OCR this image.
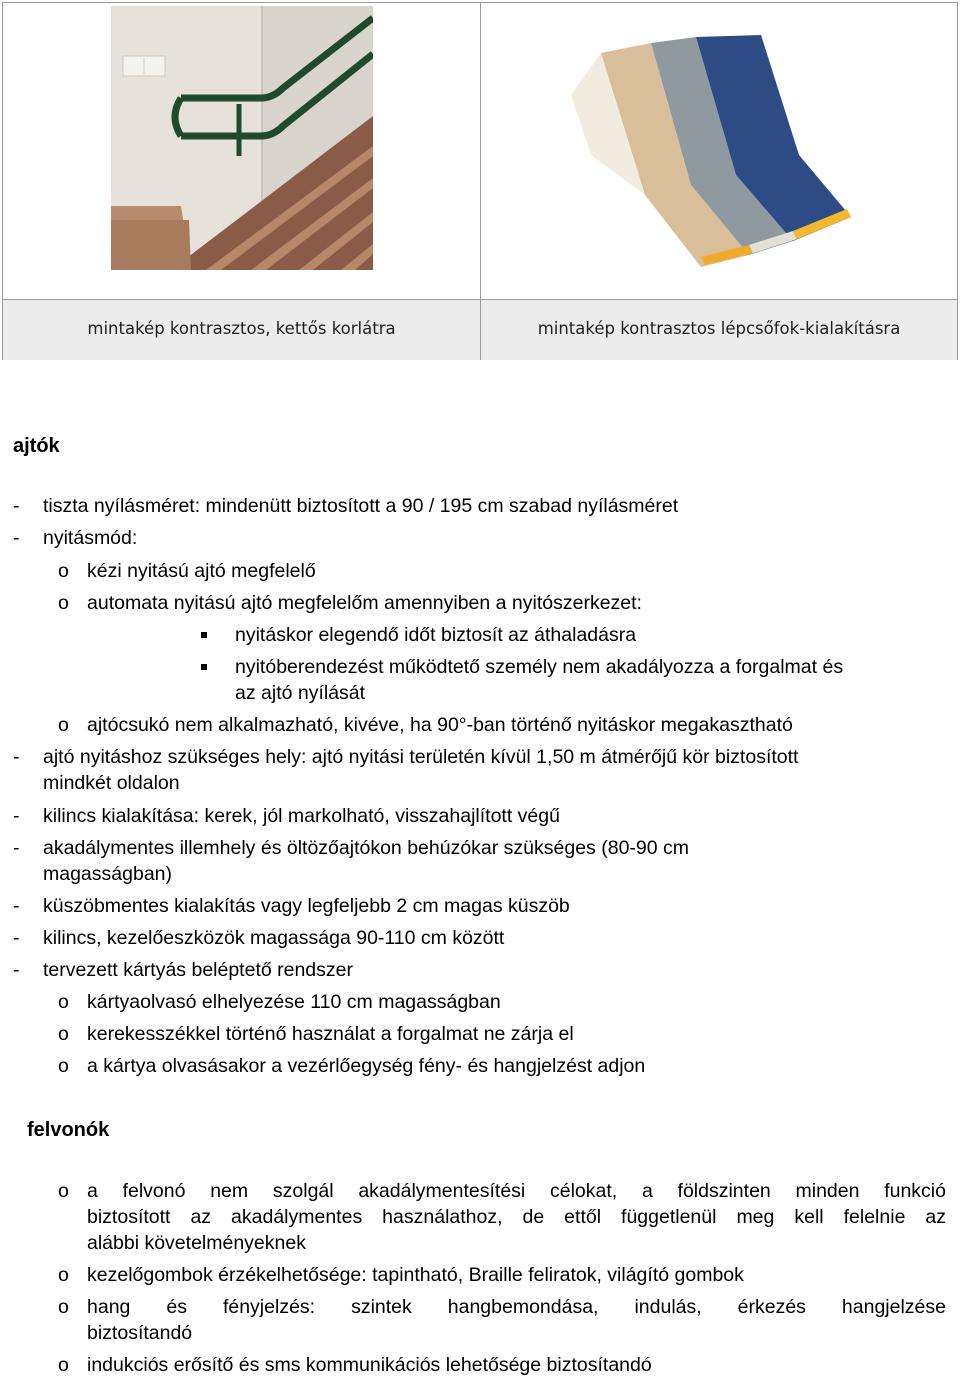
mintakép kontrasztos, kettős korlátra	mintakép kontrasztos lépcsőfok-kialakításra
ajtók
- tiszta nyílásméret: mindenütt biztosított a 90 / 195 cm szabad nyílásméret
- nyitásmód:
o kézi nyitású ajtó megfelelő
o automata nyitású ajtó megfelelőm amennyiben a nyitószerkezet:
nyitáskor elegendő időt biztosít az áthaladásra
nyitóberendezést működtető személy nem akadályozza a forgalmat és
az ajtó nyílását
o ajtócsukó nem alkalmazható, kivéve, ha 90°-ban történő nyitáskor megakasztható
- ajtó nyitáshoz szükséges hely: ajtó nyitási területén kívül 1,50 m átmérőjű kör biztosított
mindkét oldalon
- kilincs kialakítása: kerek, jól markolható, visszahajlított végű
- akadálymentes illemhely és öltözőajtókon behúzókar szükséges (80-90 cm
magasságban)
- küszöbmentes kialakítás vagy legfeljebb 2 cm magas küszöb
- kilincs, kezelőeszközök magassága 90-110 cm között
- tervezett kártyás beléptető rendszer
o kártyaolvasó elhelyezése 110 cm magasságban
o kerekesszékkel történő használat a forgalmat ne zárja el
o a kártya olvasásakor a vezérlőegység fény- és hangjelzést adjon
felvonók
o a felvonó nem szolgál akadálymentesítési célokat, a földszinten minden funkció
biztosított az akadálymentes használathoz, de ettől függetlenül meg kell felelnie az
alábbi követelményeknek
o kezelőgombok érzékelhetősége: tapintható, Braille feliratok, világító gombok
o hang és fényjelzés: szintek hangbemondása, indulás, érkezés hangjelzése
biztosítandó
o indukciós erősítő és sms kommunikációs lehetősége biztosítandó
